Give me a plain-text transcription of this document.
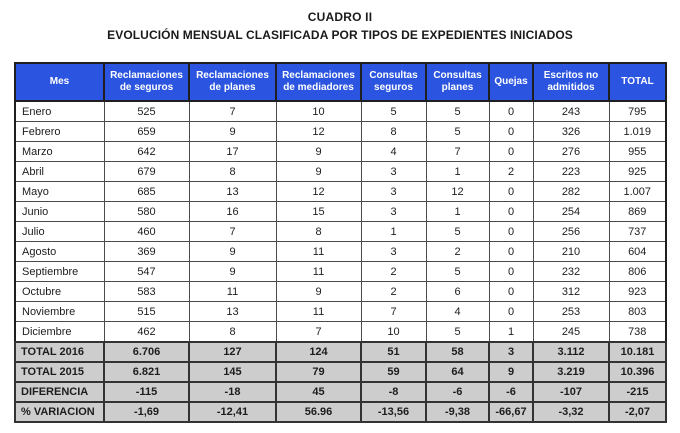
CUADRO II
EVOLUCIÓN MENSUAL CLASIFICADA POR TIPOS DE EXPEDIENTES INICIADOS
Mes	Reclamaciones de seguros	Reclamaciones de planes	Reclamaciones de mediadores	Consultas seguros	Consultas planes	Quejas	Escritos no admitidos	TOTAL
Enero	525	7	10	5	5	0	243	795
Febrero	659	9	12	8	5	0	326	1.019
Marzo	642	17	9	4	7	0	276	955
Abril	679	8	9	3	1	2	223	925
Mayo	685	13	12	3	12	0	282	1.007
Junio	580	16	15	3	1	0	254	869
Julio	460	7	8	1	5	0	256	737
Agosto	369	9	11	3	2	0	210	604
Septiembre	547	9	11	2	5	0	232	806
Octubre	583	11	9	2	6	0	312	923
Noviembre	515	13	11	7	4	0	253	803
Diciembre	462	8	7	10	5	1	245	738
TOTAL 2016	6.706	127	124	51	58	3	3.112	10.181
TOTAL 2015	6.821	145	79	59	64	9	3.219	10.396
DIFERENCIA	-115	-18	45	-8	-6	-6	-107	-215
% VARIACION	-1,69	-12,41	56.96	-13,56	-9,38	-66,67	-3,32	-2,07
